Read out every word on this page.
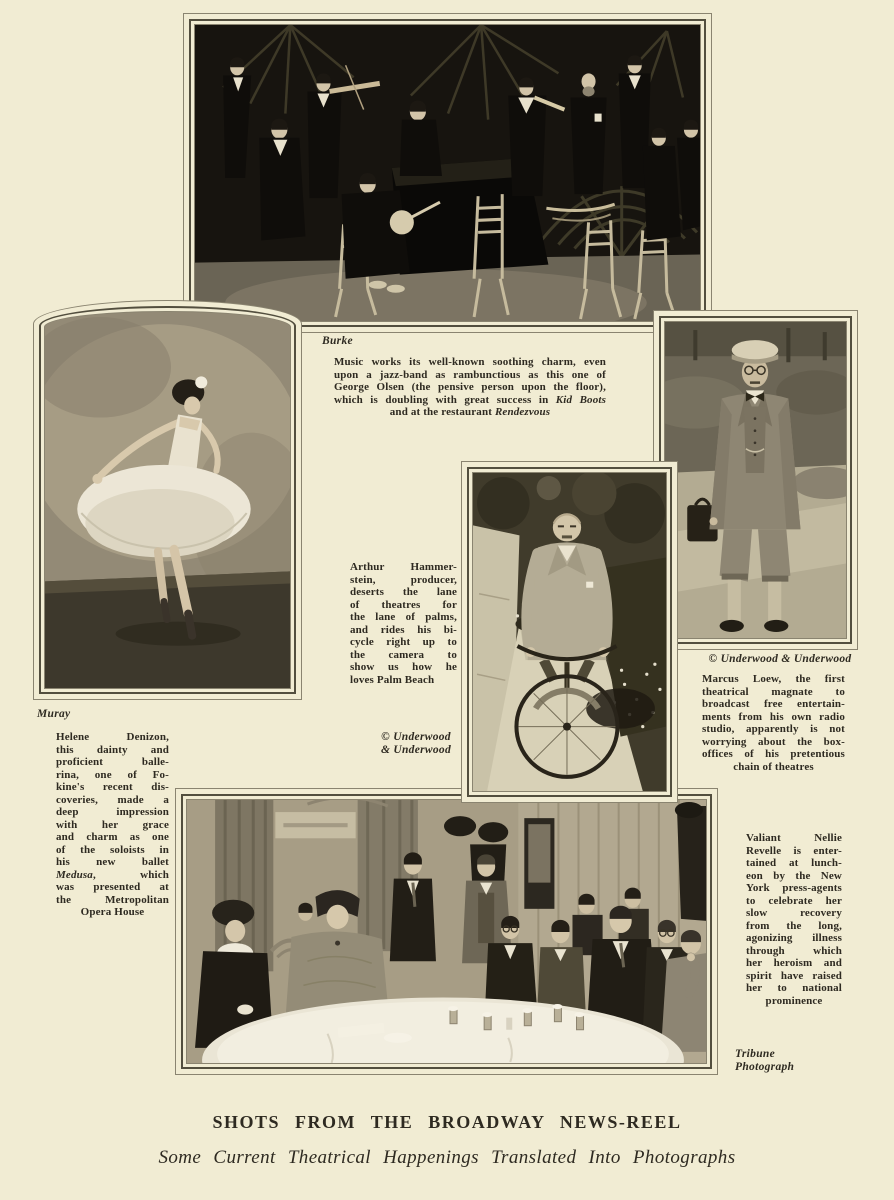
Burke
Music works its well-known soothing charm, even
upon a jazz-band as rambunctious as this one of
George Olsen (the pensive person upon the floor),
which is doubling with great success in Kid Boots
and at the restaurant Rendezvous
Muray
Helene Denizon,
this dainty and
proficient balle-
rina, one of Fo-
kine's recent dis-
coveries, made a
deep impression
with her grace
and charm as one
of the soloists in
his new ballet
Medusa, which
was presented at
the Metropolitan
Opera House
© Underwood & Underwood
Marcus Loew, the first
theatrical magnate to
broadcast free entertain-
ments from his own radio
studio, apparently is not
worrying about the box-
offices of his pretentious
chain of theatres
Arthur Hammer-
stein, producer,
deserts the lane
of theatres for
the lane of palms,
and rides his bi-
cycle right up to
the camera to
show us how he
loves Palm Beach
© Underwood
& Underwood
Valiant Nellie
Revelle is enter-
tained at lunch-
eon by the New
York press-agents
to celebrate her
slow recovery
from the long,
agonizing illness
through which
her heroism and
spirit have raised
her to national
prominence
Tribune
Photograph
SHOTS FROM THE BROADWAY NEWS-REEL
Some Current Theatrical Happenings Translated Into Photographs
